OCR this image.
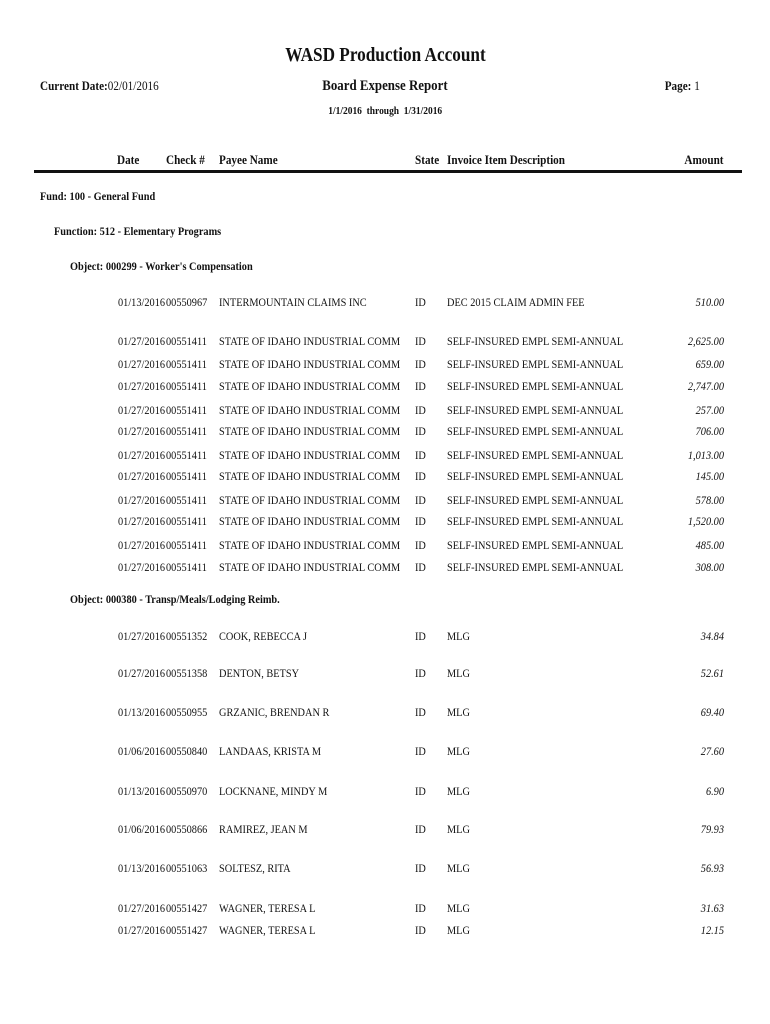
WASD Production Account
Board Expense Report
1/1/2016  through  1/31/2016
Current Date:02/01/2016	Page: 1
Date Check #	Payee Name	State Invoice Item Description	Amount
Fund: 100 - General Fund
Function: 512 - Elementary Programs
Object: 000299 - Worker's Compensation
Object: 000380 - Transp/Meals/Lodging Reimb.
01/13/2016 00550967 INTERMOUNTAIN CLAIMS INC	ID DEC 2015 CLAIM ADMIN FEE	510.00
01/27/2016 00551411	STATE OF IDAHO INDUSTRIAL COMM	ID SELF-INSURED EMPL SEMI-ANNUAL	2,625.00
01/27/2016 00551411	STATE OF IDAHO INDUSTRIAL COMM	ID SELF-INSURED EMPL SEMI-ANNUAL	659.00
01/27/2016 00551411	STATE OF IDAHO INDUSTRIAL COMM	ID SELF-INSURED EMPL SEMI-ANNUAL	2,747.00
01/27/2016 00551411	STATE OF IDAHO INDUSTRIAL COMM	ID SELF-INSURED EMPL SEMI-ANNUAL	257.00
01/27/2016 00551411	STATE OF IDAHO INDUSTRIAL COMM	ID SELF-INSURED EMPL SEMI-ANNUAL	706.00
01/27/2016 00551411	STATE OF IDAHO INDUSTRIAL COMM	ID SELF-INSURED EMPL SEMI-ANNUAL	1,013.00
01/27/2016 00551411	STATE OF IDAHO INDUSTRIAL COMM	ID SELF-INSURED EMPL SEMI-ANNUAL	145.00
01/27/2016 00551411	STATE OF IDAHO INDUSTRIAL COMM	ID SELF-INSURED EMPL SEMI-ANNUAL	578.00
01/27/2016 00551411	STATE OF IDAHO INDUSTRIAL COMM	ID SELF-INSURED EMPL SEMI-ANNUAL	1,520.00
01/27/2016 00551411	STATE OF IDAHO INDUSTRIAL COMM	ID SELF-INSURED EMPL SEMI-ANNUAL	485.00
01/27/2016 00551411	STATE OF IDAHO INDUSTRIAL COMM	ID SELF-INSURED EMPL SEMI-ANNUAL	308.00
01/27/2016 00551352 COOK, REBECCA J	ID MLG	34.84
01/27/2016 00551358 DENTON, BETSY	ID MLG	52.61
01/13/2016 00550955 GRZANIC, BRENDAN R	ID MLG	69.40
01/06/2016 00550840 LANDAAS, KRISTA M	ID MLG	27.60
01/13/2016 00550970 LOCKNANE, MINDY M	ID MLG	6.90
01/06/2016 00550866 RAMIREZ, JEAN M	ID MLG	79.93
01/13/2016 00551063 SOLTESZ, RITA	ID MLG	56.93
01/27/2016 00551427 WAGNER, TERESA L	ID MLG	31.63
01/27/2016 00551427 WAGNER, TERESA L	ID MLG	12.15
